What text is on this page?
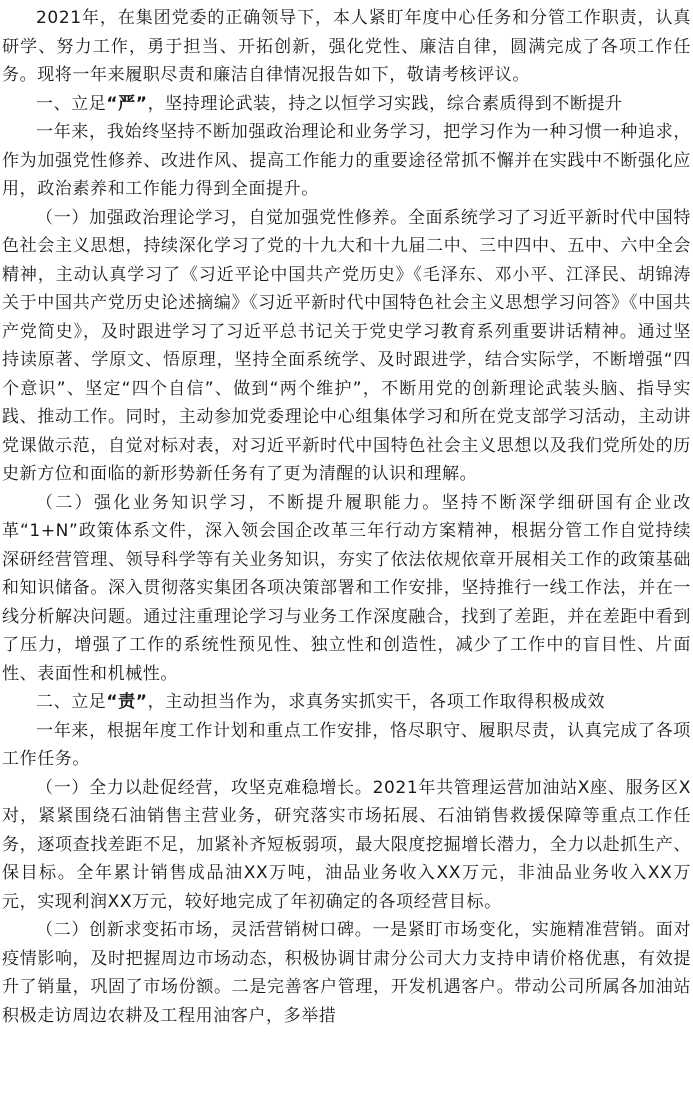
2021年，在集团党委的正确领导下，本人紧盯年度中心任务和分管工作职责，认真研学、努力工作，勇于担当、开拓创新，强化党性、廉洁自律，圆满完成了各项工作任务。现将一年来履职尽责和廉洁自律情况报告如下，敬请考核评议。

一、立足“严”，坚持理论武装，持之以恒学习实践，综合素质得到不断提升

一年来，我始终坚持不断加强政治理论和业务学习，把学习作为一种习惯一种追求，作为加强党性修养、改进作风、提高工作能力的重要途径常抓不懈并在实践中不断强化应用，政治素养和工作能力得到全面提升。

（一）加强政治理论学习，自觉加强党性修养。全面系统学习了习近平新时代中国特色社会主义思想，持续深化学习了党的十九大和十九届二中、三中四中、五中、六中全会精神，主动认真学习了《习近平论中国共产党历史》《毛泽东、邓小平、江泽民、胡锦涛关于中国共产党历史论述摘编》《习近平新时代中国特色社会主义思想学习问答》《中国共产党简史》，及时跟进学习了习近平总书记关于党史学习教育系列重要讲话精神。通过坚持读原著、学原文、悟原理，坚持全面系统学、及时跟进学，结合实际学，不断增强“四个意识”、坚定“四个自信”、做到“两个维护”，不断用党的创新理论武装头脑、指导实践、推动工作。同时，主动参加党委理论中心组集体学习和所在党支部学习活动，主动讲党课做示范，自觉对标对表，对习近平新时代中国特色社会主义思想以及我们党所处的历史新方位和面临的新形势新任务有了更为清醒的认识和理解。

（二）强化业务知识学习，不断提升履职能力。坚持不断深学细研国有企业改革“1+N”政策体系文件，深入领会国企改革三年行动方案精神，根据分管工作自觉持续深研经营管理、领导科学等有关业务知识，夯实了依法依规依章开展相关工作的政策基础和知识储备。深入贯彻落实集团各项决策部署和工作安排，坚持推行一线工作法，并在一线分析解决问题。通过注重理论学习与业务工作深度融合，找到了差距，并在差距中看到了压力，增强了工作的系统性预见性、独立性和创造性，减少了工作中的盲目性、片面性、表面性和机械性。

二、立足“责”，主动担当作为，求真务实抓实干，各项工作取得积极成效

一年来，根据年度工作计划和重点工作安排，恪尽职守、履职尽责，认真完成了各项工作任务。

（一）全力以赴促经营，攻坚克难稳增长。2021年共管理运营加油站X座、服务区X对，紧紧围绕石油销售主营业务，研究落实市场拓展、石油销售救援保障等重点工作任务，逐项查找差距不足，加紧补齐短板弱项，最大限度挖掘增长潜力，全力以赴抓生产、保目标。全年累计销售成品油XX万吨，油品业务收入XX万元，非油品业务收入XX万元，实现利润XX万元，较好地完成了年初确定的各项经营目标。

（二）创新求变拓市场，灵活营销树口碑。一是紧盯市场变化，实施精准营销。面对疫情影响，及时把握周边市场动态，积极协调甘肃分公司大力支持申请价格优惠，有效提升了销量，巩固了市场份额。二是完善客户管理，开发机遇客户。带动公司所属各加油站积极走访周边农耕及工程用油客户，多举措
